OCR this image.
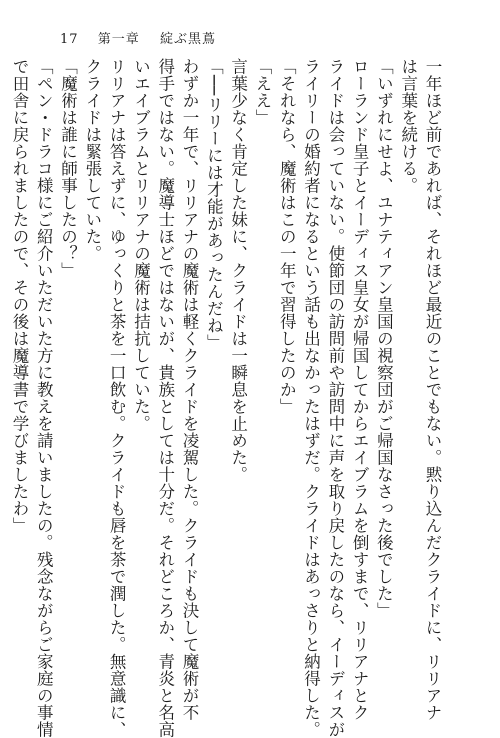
17 第一章 綻ぶ黒蔦

一年ほど前であれば、それほど最近のことでもない。黙り込んだクライドに、リリアナ

は言葉を続ける。

「いずれにせよ、ユナティアン皇国の視察団がご帰国なさった後でした」

ローランド皇子とイーディス皇女が帰国してからエイブラムを倒すまで、リリアナとク

ライドは会っていない。使節団の訪問前や訪問中に声を取り戻したのなら、イーディスが

ライリーの婚約者になるという話も出なかったはずだ。クライドはあっさりと納得した。

「それなら、魔術はこの一年で習得したのか」

「ええ」

言葉少なく肯定した妹に、クライドは一瞬息を止めた。

「──リリーには才能があったんだね」

わずか一年で、リリアナの魔術は軽くクライドを凌駕した。クライドも決して魔術が不

得手ではない。魔導士ほどではないが、貴族としては十分だ。それどころか、青炎と名高

いエイブラムとリリアナの魔術は拮抗していた。

リリアナは答えずに、ゆっくりと茶を一口飲む。クライドも唇を茶で潤した。無意識に、

クライドは緊張していた。

「魔術は誰に師事したの？」

「ペン・ドラコ様にご紹介いただいた方に教えを請いましたの。残念ながらご家庭の事情

で田舎に戻られましたので、その後は魔導書で学びましたわ」
